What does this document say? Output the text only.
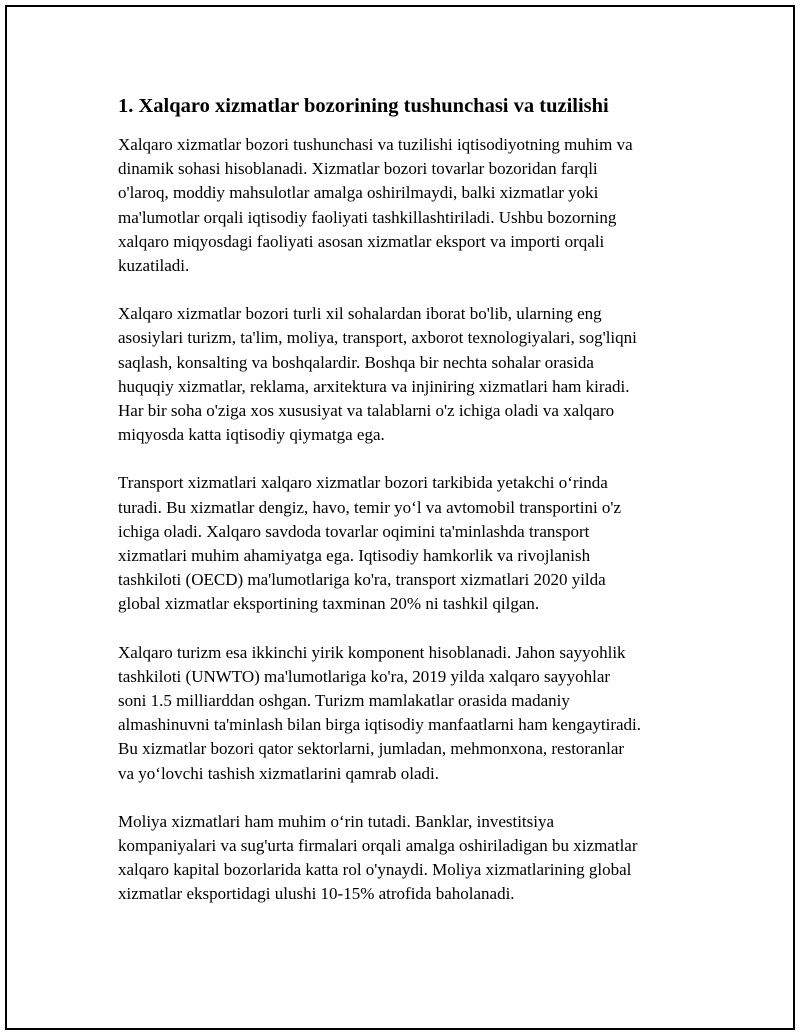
1. Xalqaro xizmatlar bozorining tushunchasi va tuzilishi

Xalqaro xizmatlar bozori tushunchasi va tuzilishi iqtisodiyotning muhim va
dinamik sohasi hisoblanadi. Xizmatlar bozori tovarlar bozoridan farqli
o'laroq, moddiy mahsulotlar amalga oshirilmaydi, balki xizmatlar yoki
ma'lumotlar orqali iqtisodiy faoliyati tashkillashtiriladi. Ushbu bozorning
xalqaro miqyosdagi faoliyati asosan xizmatlar eksport va importi orqali
kuzatiladi.

Xalqaro xizmatlar bozori turli xil sohalardan iborat bo'lib, ularning eng
asosiylari turizm, ta'lim, moliya, transport, axborot texnologiyalari, sog'liqni
saqlash, konsalting va boshqalardir. Boshqa bir nechta sohalar orasida
huquqiy xizmatlar, reklama, arxitektura va injiniring xizmatlari ham kiradi.
Har bir soha o'ziga xos xususiyat va talablarni o'z ichiga oladi va xalqaro
miqyosda katta iqtisodiy qiymatga ega.

Transport xizmatlari xalqaro xizmatlar bozori tarkibida yetakchi o‘rinda
turadi. Bu xizmatlar dengiz, havo, temir yo‘l va avtomobil transportini o'z
ichiga oladi. Xalqaro savdoda tovarlar oqimini ta'minlashda transport
xizmatlari muhim ahamiyatga ega. Iqtisodiy hamkorlik va rivojlanish
tashkiloti (OECD) ma'lumotlariga ko'ra, transport xizmatlari 2020 yilda
global xizmatlar eksportining taxminan 20% ni tashkil qilgan.

Xalqaro turizm esa ikkinchi yirik komponent hisoblanadi. Jahon sayyohlik
tashkiloti (UNWTO) ma'lumotlariga ko'ra, 2019 yilda xalqaro sayyohlar
soni 1.5 milliarddan oshgan. Turizm mamlakatlar orasida madaniy
almashinuvni ta'minlash bilan birga iqtisodiy manfaatlarni ham kengaytiradi.
Bu xizmatlar bozori qator sektorlarni, jumladan, mehmonxona, restoranlar
va yo‘lovchi tashish xizmatlarini qamrab oladi.

Moliya xizmatlari ham muhim o‘rin tutadi. Banklar, investitsiya
kompaniyalari va sug'urta firmalari orqali amalga oshiriladigan bu xizmatlar
xalqaro kapital bozorlarida katta rol o'ynaydi. Moliya xizmatlarining global
xizmatlar eksportidagi ulushi 10-15% atrofida baholanadi.
